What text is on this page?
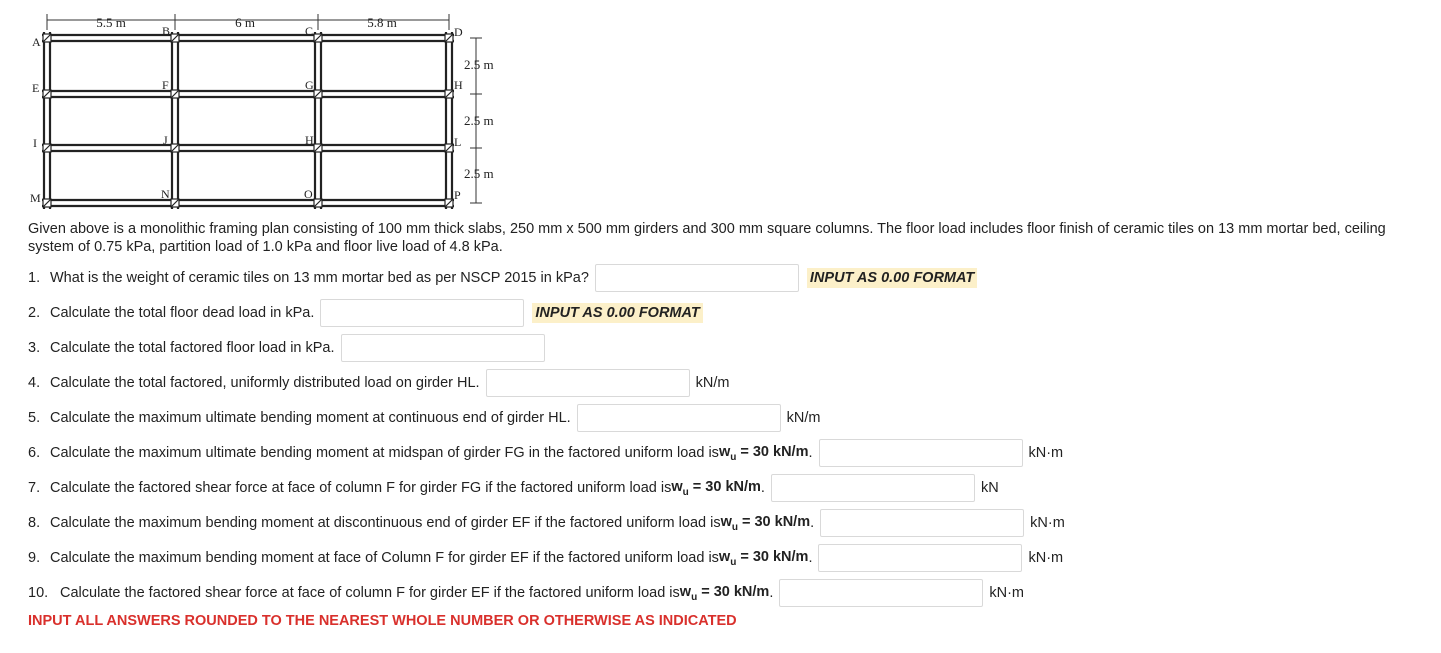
5.5 m	6 m	5.8 m
2.5 m
2.5 m
2.5 m
A
B	C	D
E	F	G	H
I	J	H	L
M	N	O	P

Given above is a monolithic framing plan consisting of 100 mm thick slabs, 250 mm x 500 mm girders and 300 mm square columns. The floor load includes floor finish of ceramic tiles on 13 mm mortar bed, ceiling system of 0.75 kPa, partition load of 1.0 kPa and floor live load of 4.8 kPa.

1. What is the weight of ceramic tiles on 13 mm mortar bed as per NSCP 2015 in kPa?	INPUT AS 0.00 FORMAT
2. Calculate the total floor dead load in kPa.	INPUT AS 0.00 FORMAT
3. Calculate the total factored floor load in kPa.
4. Calculate the total factored, uniformly distributed load on girder HL.	kN/m
5. Calculate the maximum ultimate bending moment at continuous end of girder HL.	kN/m
6. Calculate the maximum ultimate bending moment at midspan of girder FG in the factored uniform load is $w_u = 30$ kN/m .	kN·m
7. Calculate the factored shear force at face of column F for girder FG if the factored uniform load is $w_u = 30$ kN/m .	kN
8. Calculate the maximum bending moment at discontinuous end of girder EF if the factored uniform load is $w_u = 30$ kN/m .	kN·m
9. Calculate the maximum bending moment at face of Column F for girder EF if the factored uniform load is $w_u = 30$ kN/m .	kN·m
10. Calculate the factored shear force at face of column F for girder EF if the factored uniform load is $w_u = 30$ kN/m .	kN·m

INPUT ALL ANSWERS ROUNDED TO THE NEAREST WHOLE NUMBER OR OTHERWISE AS INDICATED
